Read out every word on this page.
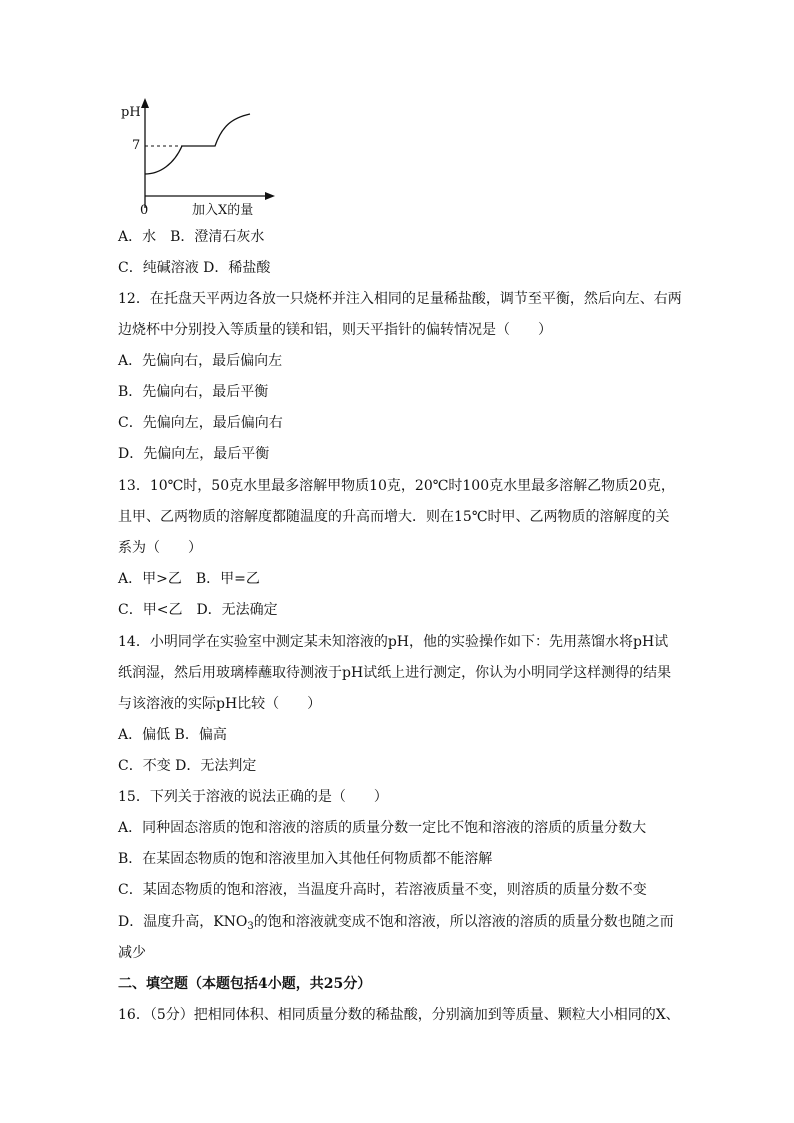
pH
7
0	加入X的量
A．水　B．澄清石灰水
C．纯碱溶液 D．稀盐酸
12．在托盘天平两边各放一只烧杯并注入相同的足量稀盐酸，调节至平衡，然后向左、右两
边烧杯中分别投入等质量的镁和铝，则天平指针的偏转情况是（　　）
A．先偏向右，最后偏向左
B．先偏向右，最后平衡
C．先偏向左，最后偏向右
D．先偏向左，最后平衡
13．10℃时，50克水里最多溶解甲物质10克，20℃时100克水里最多溶解乙物质20克，
且甲、乙两物质的溶解度都随温度的升高而增大．则在15℃时甲、乙两物质的溶解度的关
系为（　　）
A．甲>乙　B．甲=乙
C．甲<乙　D．无法确定
14．小明同学在实验室中测定某未知溶液的pH，他的实验操作如下：先用蒸馏水将pH试
纸润湿，然后用玻璃棒蘸取待测液于pH试纸上进行测定，你认为小明同学这样测得的结果
与该溶液的实际pH比较（　　）
A．偏低 B．偏高
C．不变 D．无法判定
15．下列关于溶液的说法正确的是（　　）
A．同种固态溶质的饱和溶液的溶质的质量分数一定比不饱和溶液的溶质的质量分数大
B．在某固态物质的饱和溶液里加入其他任何物质都不能溶解
C．某固态物质的饱和溶液，当温度升高时，若溶液质量不变，则溶质的质量分数不变
D．温度升高，$KNO_3$的饱和溶液就变成不饱和溶液，所以溶液的溶质的质量分数也随之而
减少
二、填空题（本题包括4小题，共25分）
16．（5分）把相同体积、相同质量分数的稀盐酸，分别滴加到等质量、颗粒大小相同的X、
